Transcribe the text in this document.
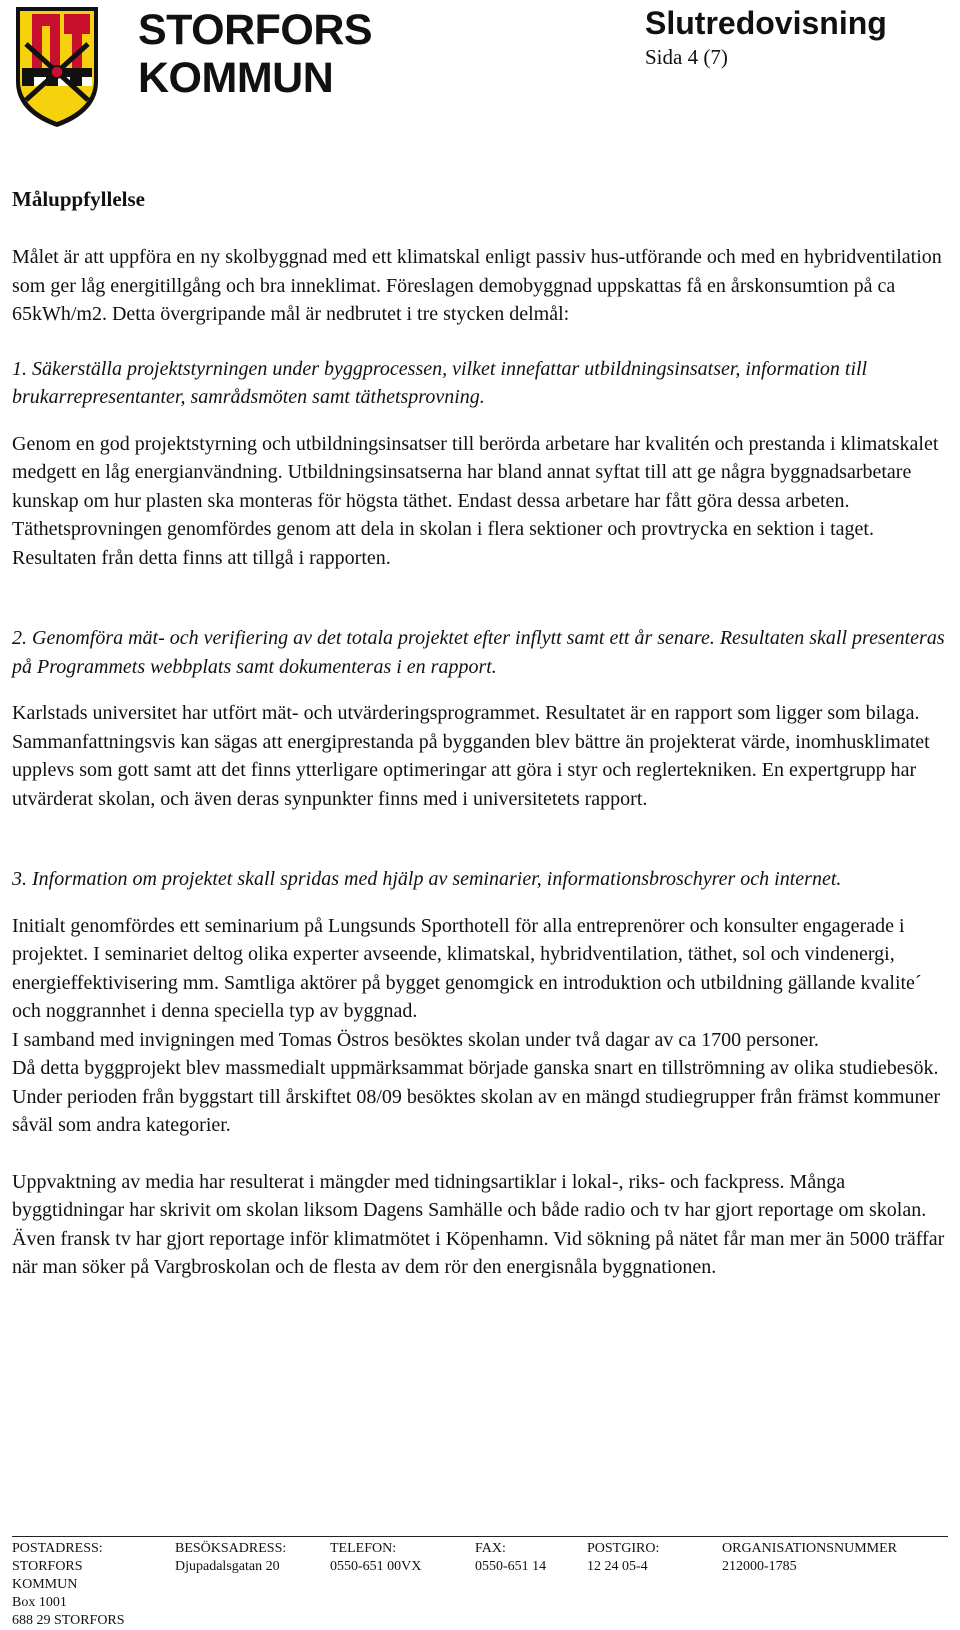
STORFORS
KOMMUN
Slutredovisning
Sida 4 (7)
Måluppfyllelse

Målet är att uppföra en ny skolbyggnad med ett klimatskal enligt passiv hus-utförande och med en hybridventilation som ger låg energitillgång och bra inneklimat. Föreslagen demobyggnad uppskattas få en årskonsumtion på ca 65kWh/m2. Detta övergripande mål är nedbrutet i tre stycken delmål:

1. Säkerställa projektstyrningen under byggprocessen, vilket innefattar utbildningsinsatser, information till brukarrepresentanter, samrådsmöten samt täthetsprovning.

Genom en god projektstyrning och utbildningsinsatser till berörda arbetare har kvalitén och prestanda i klimatskalet medgett en låg energianvändning. Utbildningsinsatserna har bland annat syftat till att ge några byggnadsarbetare kunskap om hur plasten ska monteras för högsta täthet. Endast dessa arbetare har fått göra dessa arbeten. Täthetsprovningen genomfördes genom att dela in skolan i flera sektioner och provtrycka en sektion i taget. Resultaten från detta finns att tillgå i rapporten.

2. Genomföra mät- och verifiering av det totala projektet efter inflytt samt ett år senare. Resultaten skall presenteras på Programmets webbplats samt dokumenteras i en rapport.

Karlstads universitet har utfört mät- och utvärderingsprogrammet. Resultatet är en rapport som ligger som bilaga. Sammanfattningsvis kan sägas att energiprestanda på bygganden blev bättre än projekterat värde, inomhusklimatet upplevs som gott samt att det finns ytterligare optimeringar att göra i styr och reglertekniken. En expertgrupp har utvärderat skolan, och även deras synpunkter finns med i universitetets rapport.

3. Information om projektet skall spridas med hjälp av seminarier, informationsbroschyrer och internet.

Initialt genomfördes ett seminarium på Lungsunds Sporthotell för alla entreprenörer och konsulter engagerade i projektet. I seminariet deltog olika experter avseende, klimatskal, hybridventilation, täthet, sol och vindenergi, energieffektivisering mm. Samtliga aktörer på bygget genomgick en introduktion och utbildning gällande kvalite´ och noggrannhet i denna speciella typ av byggnad.

I samband med invigningen med Tomas Östros besöktes skolan under två dagar av ca 1700 personer.

Då detta byggprojekt blev massmedialt uppmärksammat började ganska snart en tillströmning av olika studiebesök. Under perioden från byggstart till årskiftet 08/09 besöktes skolan av en mängd studiegrupper från främst kommuner såväl som andra kategorier.

Uppvaktning av media har resulterat i mängder med tidningsartiklar i lokal-, riks- och fackpress. Många byggtidningar har skrivit om skolan liksom Dagens Samhälle och både radio och tv har gjort reportage om skolan. Även fransk tv har gjort reportage inför klimatmötet i Köpenhamn. Vid sökning på nätet får man mer än 5000 träffar när man söker på Vargbroskolan och de flesta av dem rör den energisnåla byggnationen.

POSTADRESS:
STORFORS
KOMMUN
Box 1001
688 29 STORFORS
BESÖKSADRESS:
Djupadalsgatan 20
TELEFON:
0550-651 00VX
FAX:
0550-651 14
POSTGIRO:
12 24 05-4
ORGANISATIONSNUMMER
212000-1785
